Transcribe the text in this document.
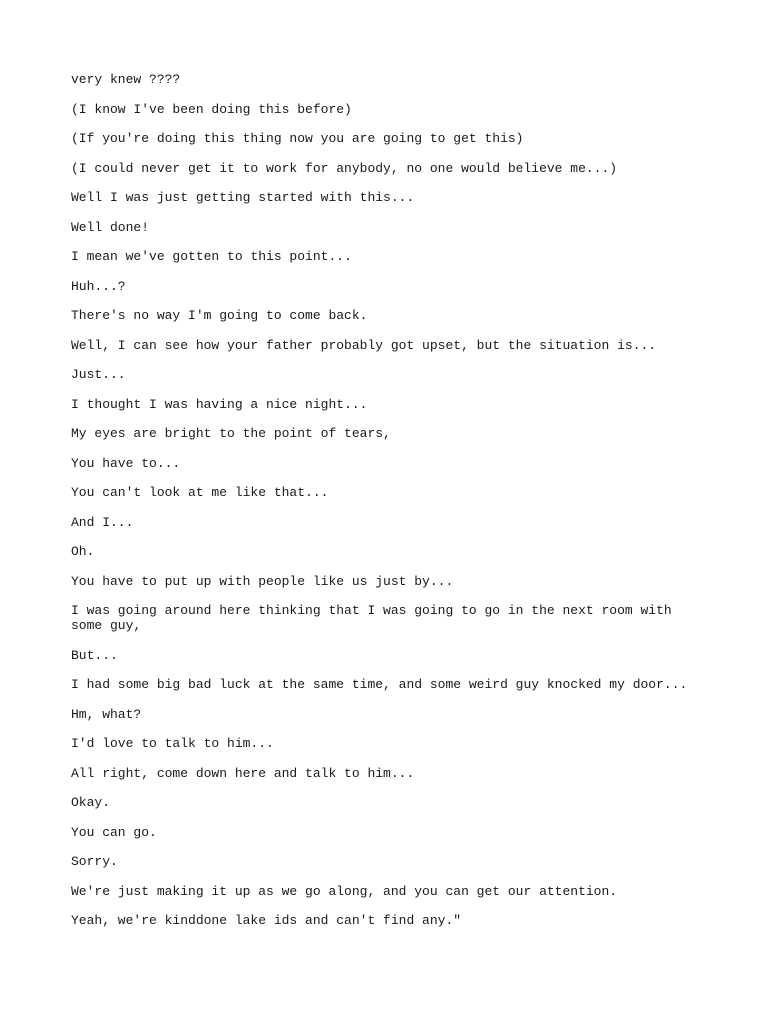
very knew ????

(I know I've been doing this before)

(If you're doing this thing now you are going to get this)

(I could never get it to work for anybody, no one would believe me...)

Well I was just getting started with this...

Well done!

I mean we've gotten to this point...

Huh...?

There's no way I'm going to come back.

Well, I can see how your father probably got upset, but the situation is...

Just...

I thought I was having a nice night...

My eyes are bright to the point of tears,

You have to...

You can't look at me like that...

And I...

Oh.

You have to put up with people like us just by...

I was going around here thinking that I was going to go in the next room with some guy,

But...

I had some big bad luck at the same time, and some weird guy knocked my door...

Hm, what?

I'd love to talk to him...

All right, come down here and talk to him...

Okay.

You can go.

Sorry.

We're just making it up as we go along, and you can get our attention.

Yeah, we're kinddone lake ids and can't find any."
